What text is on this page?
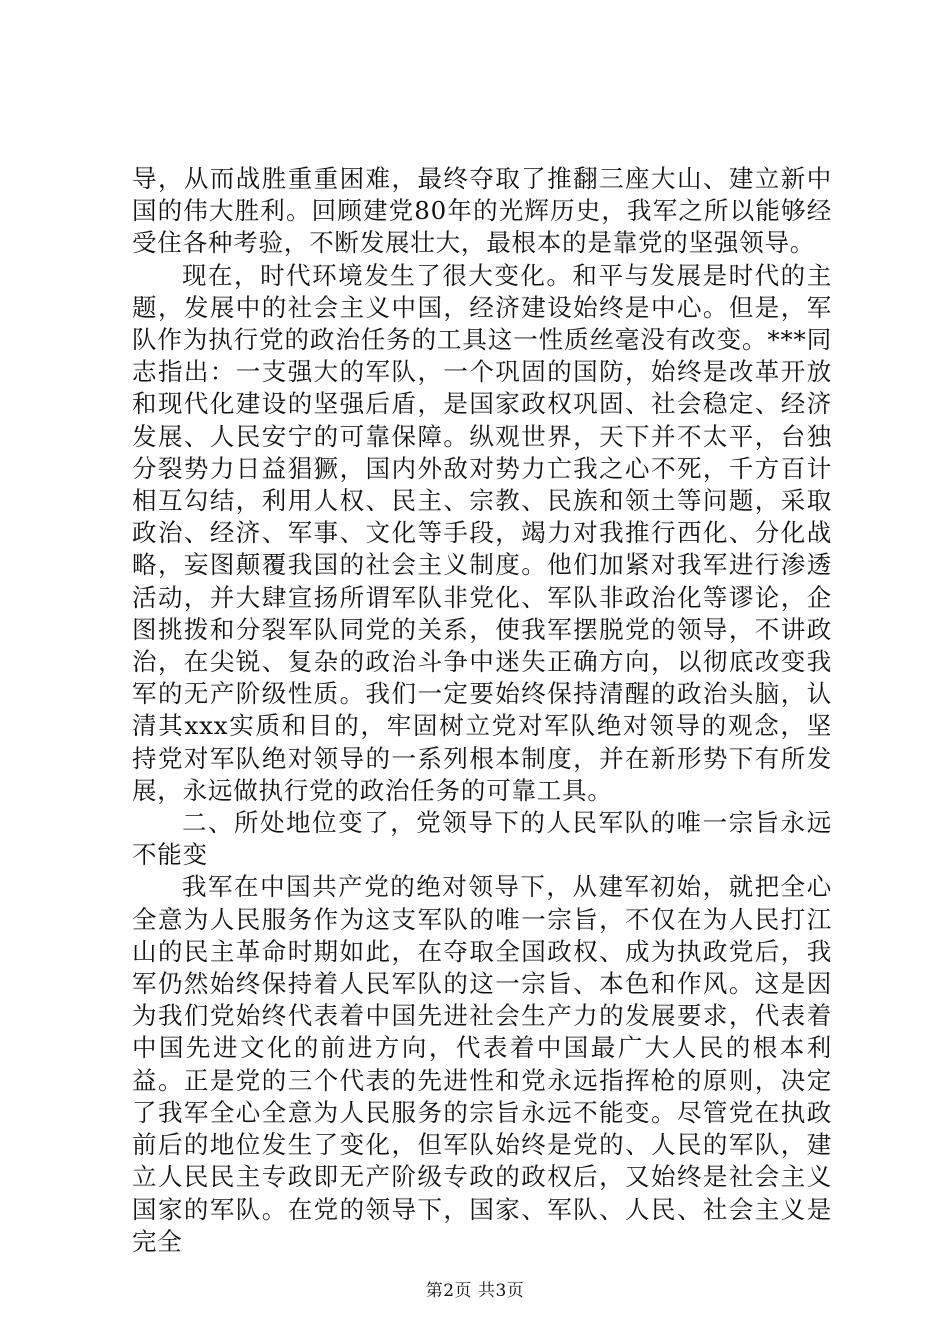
导，从而战胜重重困难，最终夺取了推翻三座大山、建立新中国的伟大胜利。回顾建党80年的光辉历史，我军之所以能够经受住各种考验，不断发展壮大，最根本的是靠党的坚强领导。

现在，时代环境发生了很大变化。和平与发展是时代的主题，发展中的社会主义中国，经济建设始终是中心。但是，军队作为执行党的政治任务的工具这一性质丝毫没有改变。***同志指出：一支强大的军队，一个巩固的国防，始终是改革开放和现代化建设的坚强后盾，是国家政权巩固、社会稳定、经济发展、人民安宁的可靠保障。纵观世界，天下并不太平，台独分裂势力日益猖獗，国内外敌对势力亡我之心不死，千方百计相互勾结，利用人权、民主、宗教、民族和领土等问题，采取政治、经济、军事、文化等手段，竭力对我推行西化、分化战略，妄图颠覆我国的社会主义制度。他们加紧对我军进行渗透活动，并大肆宣扬所谓军队非党化、军队非政治化等谬论，企图挑拨和分裂军队同党的关系，使我军摆脱党的领导，不讲政治，在尖锐、复杂的政治斗争中迷失正确方向，以彻底改变我军的无产阶级性质。我们一定要始终保持清醒的政治头脑，认清其xxx实质和目的，牢固树立党对军队绝对领导的观念，坚持党对军队绝对领导的一系列根本制度，并在新形势下有所发展，永远做执行党的政治任务的可靠工具。

二、所处地位变了，党领导下的人民军队的唯一宗旨永远不能变

我军在中国共产党的绝对领导下，从建军初始，就把全心全意为人民服务作为这支军队的唯一宗旨，不仅在为人民打江山的民主革命时期如此，在夺取全国政权、成为执政党后，我军仍然始终保持着人民军队的这一宗旨、本色和作风。这是因为我们党始终代表着中国先进社会生产力的发展要求，代表着中国先进文化的前进方向，代表着中国最广大人民的根本利益。正是党的三个代表的先进性和党永远指挥枪的原则，决定了我军全心全意为人民服务的宗旨永远不能变。尽管党在执政前后的地位发生了变化，但军队始终是党的、人民的军队，建立人民民主专政即无产阶级专政的政权后，又始终是社会主义国家的军队。在党的领导下，国家、军队、人民、社会主义是完全

第2页 共3页
